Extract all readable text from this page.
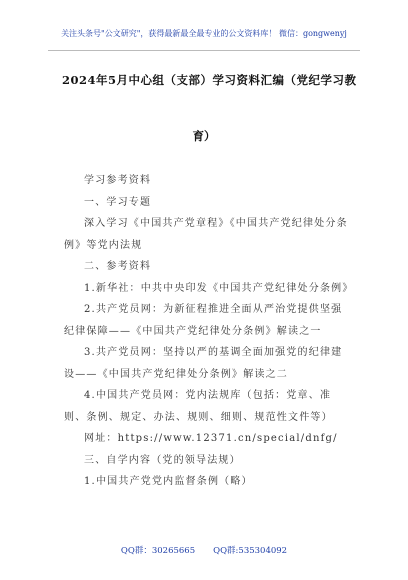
关注头条号"公文研究"，获得最新最全最专业的公文资料库！ 微信：gongwenyj
2024年5月中心组（支部）学习资料汇编（党纪学习教
育）

学习参考资料

一、学习专题

深入学习《中国共产党章程》《中国共产党纪律处分条例》等党内法规

二、参考资料

1.新华社：中共中央印发《中国共产党纪律处分条例》

2.共产党员网：为新征程推进全面从严治党提供坚强纪律保障——《中国共产党纪律处分条例》解读之一

3.共产党员网：坚持以严的基调全面加强党的纪律建设——《中国共产党纪律处分条例》解读之二

4.中国共产党员网：党内法规库（包括：党章、准则、条例、规定、办法、规则、细则、规范性文件等）

网址：https://www.12371.cn/special/dnfg/

三、自学内容（党的领导法规）

1.中国共产党党内监督条例（略）

QQ群：30265665 QQ群:535304092
